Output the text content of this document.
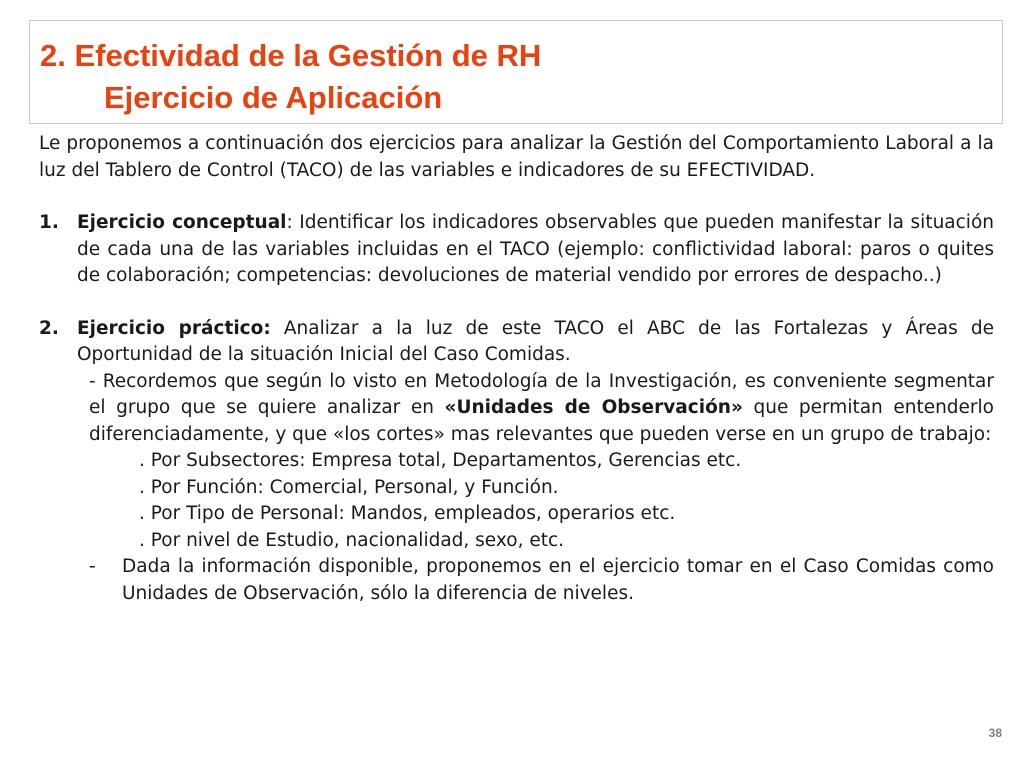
2. Efectividad de la Gestión de RH
Ejercicio de Aplicación

Le proponemos a continuación dos ejercicios para analizar la Gestión del Comportamiento Laboral a la luz del Tablero de Control (TACO) de las variables e indicadores de su EFECTIVIDAD.

1. Ejercicio conceptual: Identificar los indicadores observables que pueden manifestar la situación de cada una de las variables incluidas en el TACO (ejemplo: conflictividad laboral: paros o quites de colaboración; competencias: devoluciones de material vendido por errores de despacho..)

2. Ejercicio práctico: Analizar a la luz de este TACO el ABC de las Fortalezas y Áreas de Oportunidad de la situación Inicial del Caso Comidas.

- Recordemos que según lo visto en Metodología de la Investigación, es conveniente segmentar el grupo que se quiere analizar en «Unidades de Observación» que permitan entenderlo diferenciadamente, y que «los cortes» mas relevantes que pueden verse en un grupo de trabajo:

. Por Subsectores: Empresa total, Departamentos, Gerencias etc.

. Por Función: Comercial, Personal, y Función.

. Por Tipo de Personal: Mandos, empleados, operarios etc.

. Por nivel de Estudio, nacionalidad, sexo, etc.

- Dada la información disponible, proponemos en el ejercicio tomar en el Caso Comidas como Unidades de Observación, sólo la diferencia de niveles.

38
